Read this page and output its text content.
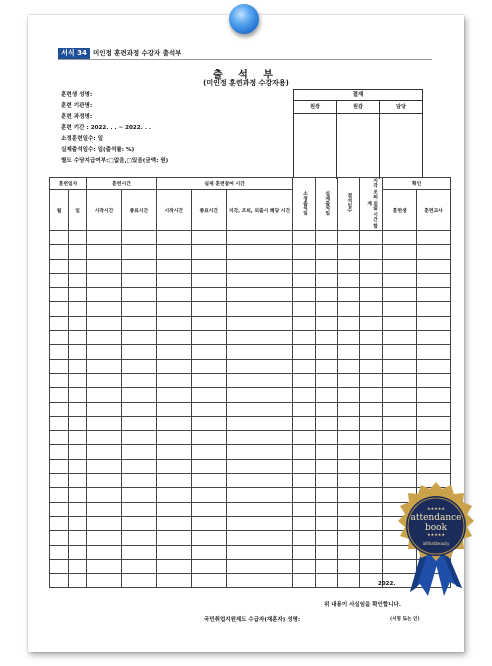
서식 34 미인정 훈련과정 수강자 출석부
출 석 부
(미인정 훈련과정 수강자용)
훈련생 성명:
훈련 기관명:
훈련 과정명:
훈련 기간 : 2022. . . ~ 2022. . .
소정훈련일수: 일
실제출석일수: 일(출석률: %)
별도 수당지급여부:□없음,□있음(금액: 원)
결재
원장	원감	담당
훈련일자		훈련시간		실제 훈련참여 시간			소정출석일	실제출석일	결석일수	지각 조퇴 외출 시간 합계	확인	
월	일	시작시간	종료시간	시작시간	종료시간	지각, 조퇴, 외출시 해당 시간					훈련생	훈련교사

2022.
위 내용이 사실임을 확인합니다.
국민취업지원제도 수급자(재훈자) 성명:	(서명 또는 인)
★★★★★
★★★★★
attendance
book
allthatbeauty
